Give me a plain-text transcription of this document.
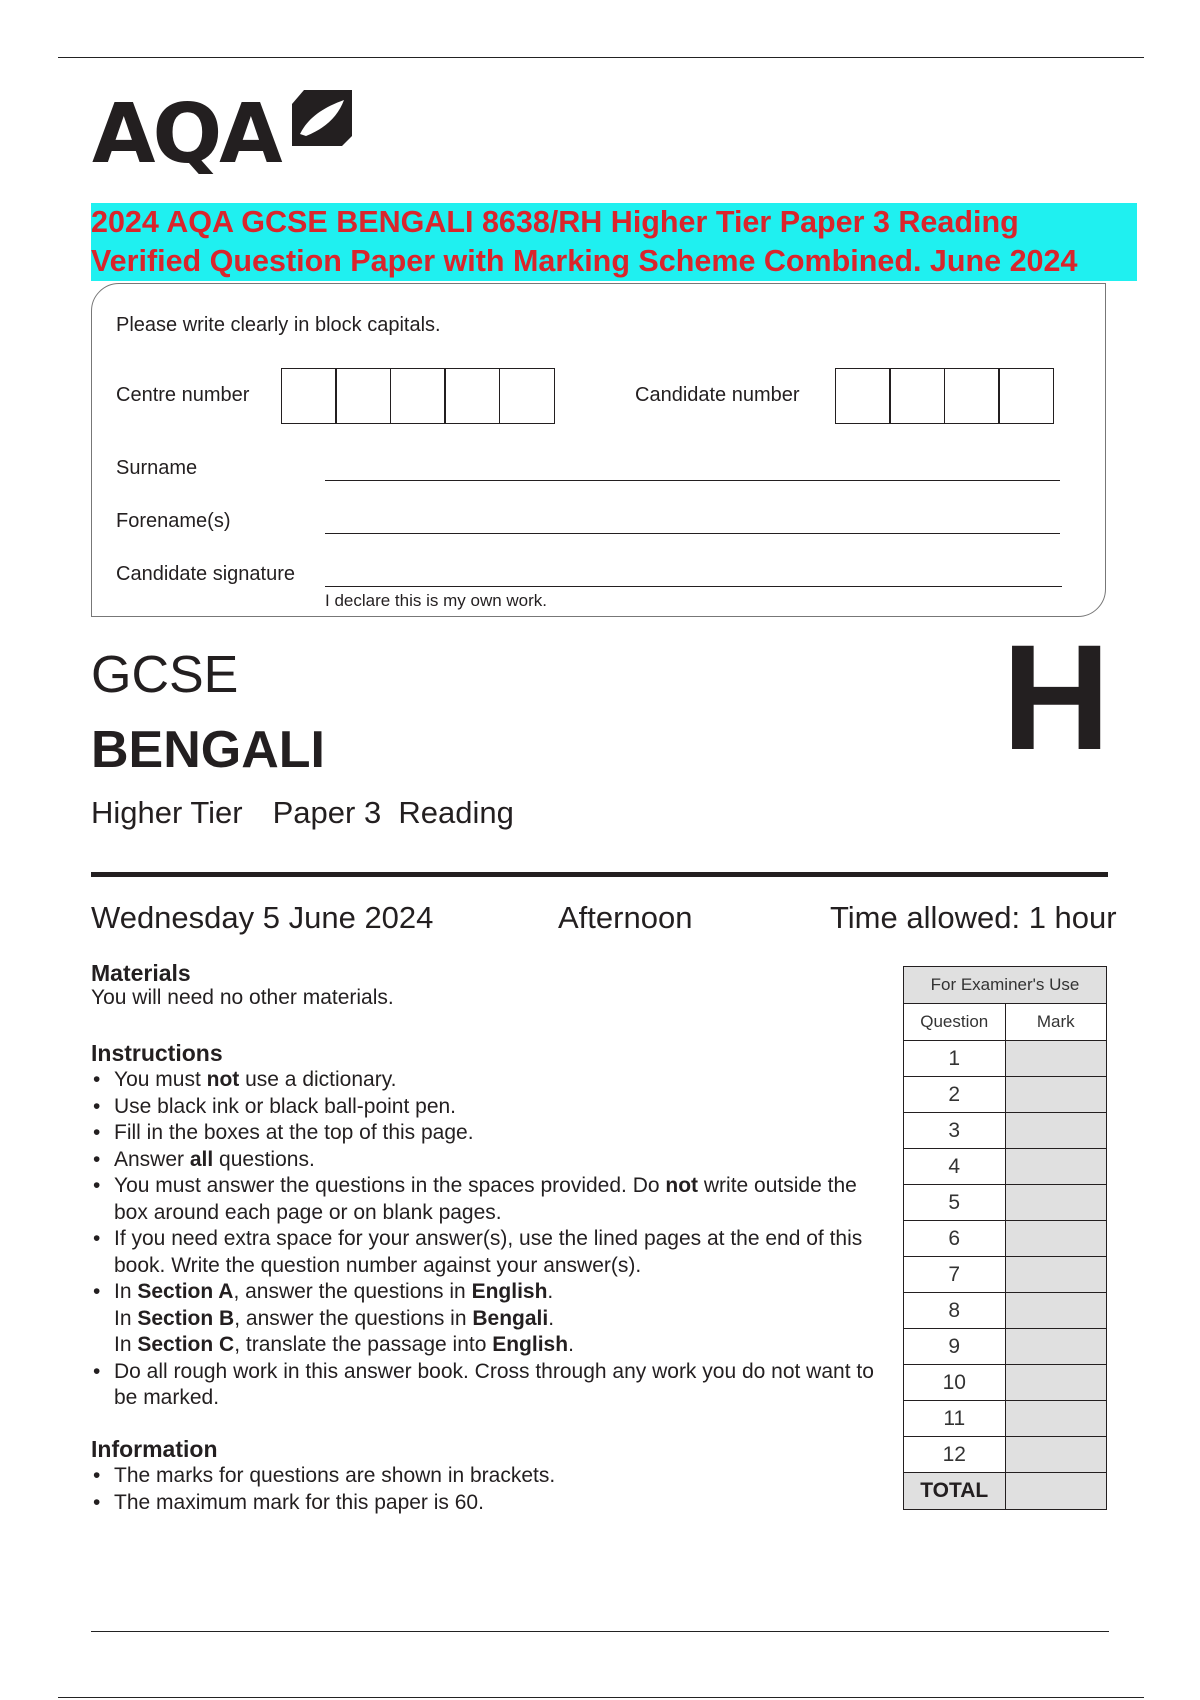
AQA
2024 AQA GCSE BENGALI 8638/RH Higher Tier Paper 3 Reading
Verified Question Paper with Marking Scheme Combined. June 2024
Please write clearly in block capitals.
Centre number	Candidate number
Surname
Forename(s)
Candidate signature
I declare this is my own work.
GCSE
BENGALI
Higher Tier Paper 3 Reading
H
Wednesday 5 June 2024	Afternoon	Time allowed: 1 hour
Materials
You will need no other materials.
Instructions
• You must not use a dictionary.
• Use black ink or black ball-point pen.
• Fill in the boxes at the top of this page.
• Answer all questions.
• You must answer the questions in the spaces provided. Do not write outside the box around each page or on blank pages.
• If you need extra space for your answer(s), use the lined pages at the end of this book. Write the question number against your answer(s).
• In Section A, answer the questions in English.
In Section B, answer the questions in Bengali.
In Section C, translate the passage into English.
• Do all rough work in this answer book. Cross through any work you do not want to be marked.
Information
• The marks for questions are shown in brackets.
• The maximum mark for this paper is 60.
For Examiner's Use	
Question	Mark
1	
2	
3	
4	
5	
6	
7	
8	
9	
10	
11	
12	
TOTAL	
